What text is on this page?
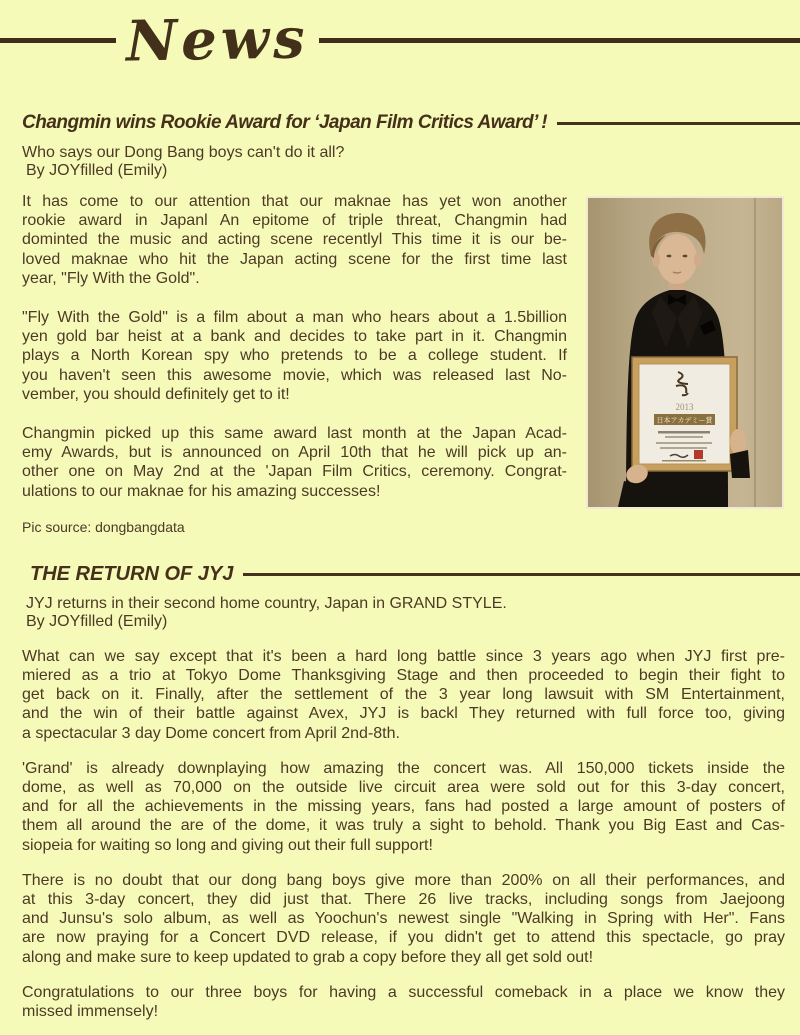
News
Changmin wins Rookie Award for ‘Japan Film Critics Award’ !
Who says our Dong Bang boys can't do it all?
By JOYfilled (Emily)
It has come to our attention that our maknae has yet won another
rookie award in Japanl An epitome of triple threat, Changmin had
dominted the music and acting scene recentlyl This time it is our be-
loved maknae who hit the Japan acting scene for the first time last
year, "Fly With the Gold".
"Fly With the Gold" is a film about a man who hears about a 1.5billion
yen gold bar heist at a bank and decides to take part in it. Changmin
plays a North Korean spy who pretends to be a college student. If
you haven't seen this awesome movie, which was released last No-
vember, you should definitely get to it!
Changmin picked up this same award last month at the Japan Acad-
emy Awards, but is announced on April 10th that he will pick up an-
other one on May 2nd at the 'Japan Film Critics, ceremony. Congrat-
ulations to our maknae for his amazing successes!
Pic source: dongbangdata
2013
日本アカデミー賞
THE RETURN OF JYJ
JYJ returns in their second home country, Japan in GRAND STYLE.
By JOYfilled (Emily)
What can we say except that it's been a hard long battle since 3 years ago when JYJ first pre-
miered as a trio at Tokyo Dome Thanksgiving Stage and then proceeded to begin their fight to
get back on it. Finally, after the settlement of the 3 year long lawsuit with SM Entertainment,
and the win of their battle against Avex, JYJ is backl They returned with full force too, giving
a spectacular 3 day Dome concert from April 2nd-8th.
'Grand' is already downplaying how amazing the concert was. All 150,000 tickets inside the
dome, as well as 70,000 on the outside live circuit area were sold out for this 3-day concert,
and for all the achievements in the missing years, fans had posted a large amount of posters of
them all around the are of the dome, it was truly a sight to behold. Thank you Big East and Cas-
siopeia for waiting so long and giving out their full support!
There is no doubt that our dong bang boys give more than 200% on all their performances, and
at this 3-day concert, they did just that. There 26 live tracks, including songs from Jaejoong
and Junsu's solo album, as well as Yoochun's newest single "Walking in Spring with Her". Fans
are now praying for a Concert DVD release, if you didn't get to attend this spectacle, go pray
along and make sure to keep updated to grab a copy before they all get sold out!
Congratulations to our three boys for having a successful comeback in a place we know they
missed immensely!
